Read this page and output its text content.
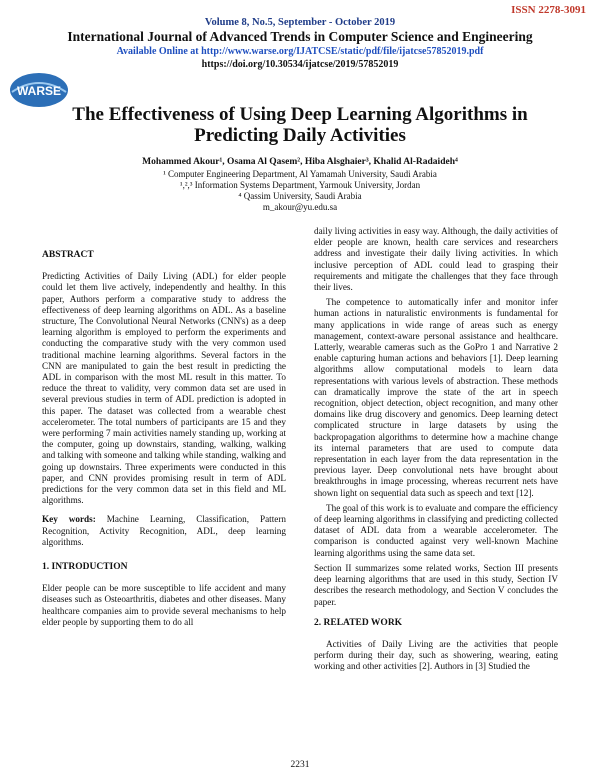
ISSN 2278-3091
Volume 8, No.5, September - October 2019
International Journal of Advanced Trends in Computer Science and Engineering
Available Online at http://www.warse.org/IJATCSE/static/pdf/file/ijatcse57852019.pdf
https://doi.org/10.30534/ijatcse/2019/57852019
WARSE
The Effectiveness of Using Deep Learning Algorithms in Predicting Daily Activities
Mohammed Akour¹, Osama Al Qasem², Hiba Alsghaier³, Khalid Al-Radaideh⁴
¹ Computer Engineering Department, Al Yamamah University, Saudi Arabia
¹,²,³ Information Systems Department, Yarmouk University, Jordan
⁴ Qassim University, Saudi Arabia
m_akour@yu.edu.sa

ABSTRACT

Predicting Activities of Daily Living (ADL) for elder people could let them live actively, independently and healthy. In this paper, Authors perform a comparative study to address the effectiveness of deep learning algorithms on ADL. As a baseline structure, The Convolutional Neural Networks (CNN's) as a deep learning algorithm is employed to perform the experiments and conducting the comparative study with the very common used traditional machine learning algorithms. Several factors in the CNN are manipulated to gain the best result in predicting the ADL in comparison with the most ML result in this matter. To reduce the threat to validity, very common data set are used in several previous studies in term of ADL prediction is adopted in this paper. The dataset was collected from a wearable chest accelerometer. The total numbers of participants are 15 and they were performing 7 main activities namely standing up, working at the computer, going up downstairs, standing, walking, walking and talking with someone and talking while standing, walking and going up downstairs. Three experiments were conducted in this paper, and CNN provides promising result in term of ADL predictions for the very common data set in this field and ML algorithms.

Key words: Machine Learning, Classification, Pattern Recognition, Activity Recognition, ADL, deep learning algorithms.

1. INTRODUCTION

Elder people can be more susceptible to life accident and many diseases such as Osteoarthritis, diabetes and other diseases. Many healthcare companies aim to provide several mechanisms to help elder people by supporting them to do all

daily living activities in easy way. Although, the daily activities of elder people are known, health care services and researchers address and investigate their daily living activities. In which inclusive perception of ADL could lead to grasping their requirements and mitigate the challenges that they face through their lives.

The competence to automatically infer and monitor infer human actions in naturalistic environments is fundamental for many applications in wide range of areas such as energy management, context-aware personal assistance and healthcare. Latterly, wearable cameras such as the GoPro 1 and Narrative 2 enable capturing human actions and behaviors [1]. Deep learning algorithms allow computational models to learn data representations with various levels of abstraction. These methods can dramatically improve the state of the art in speech recognition, object detection, object recognition, and many other domains like drug discovery and genomics. Deep learning detect complicated structure in large datasets by using the backpropagation algorithms to determine how a machine change its internal parameters that are used to compute data representation in each layer from the data representation in the previous layer. Deep convolutional nets have brought about breakthroughs in image processing, whereas recurrent nets have shown light on sequential data such as speech and text [12].

The goal of this work is to evaluate and compare the efficiency of deep learning algorithms in classifying and predicting collected dataset of ADL data from a wearable accelerometer. The comparison is conducted against very well-known Machine learning algorithms using the same data set.

Section II summarizes some related works, Section III presents deep learning algorithms that are used in this study, Section IV describes the research methodology, and Section V concludes the paper.

2. RELATED WORK

Activities of Daily Living are the activities that people perform during their day, such as showering, wearing, eating working and other activities [2]. Authors in [3] Studied the

2231
